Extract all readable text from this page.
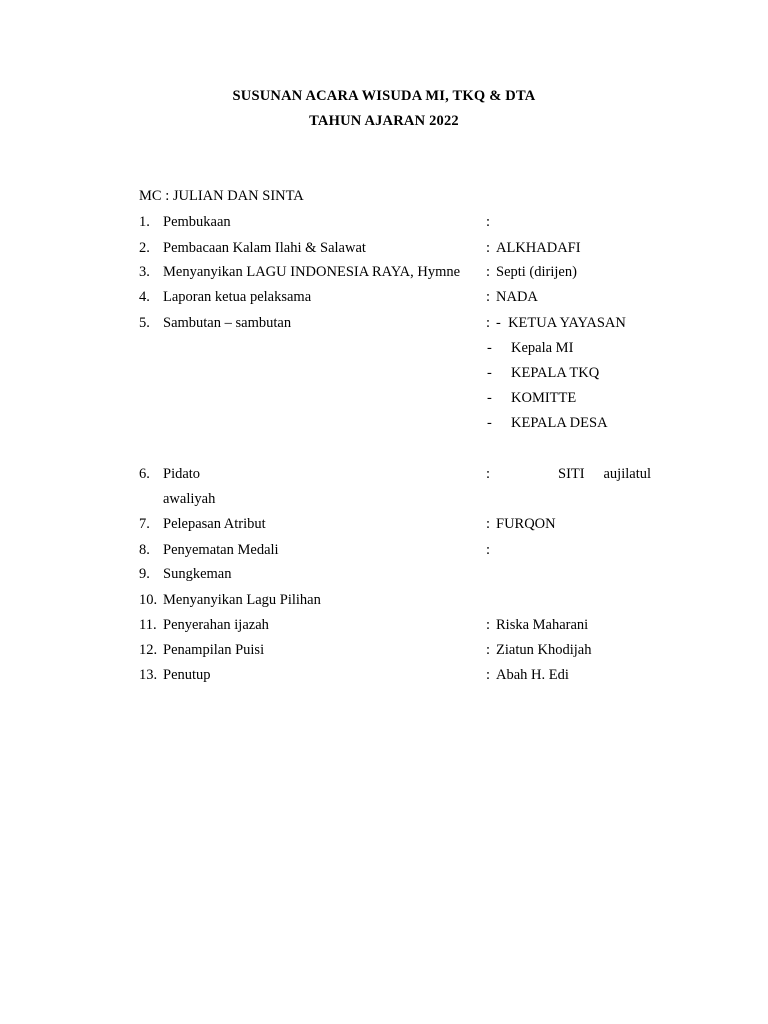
SUSUNAN ACARA WISUDA MI, TKQ & DTA
TAHUN AJARAN 2022
MC : JULIAN DAN SINTA
1. Pembukaan	:
2. Pembacaan Kalam Ilahi & Salawat	: ALKHADAFI
3. Menyanyikan LAGU INDONESIA RAYA, Hymne : Septi (dirijen)
4. Laporan ketua pelaksama	: NADA
5. Sambutan – sambutan	: -  KETUA YAYASAN
- Kepala MI
- KEPALA TKQ
- KOMITTE
- KEPALA DESA
6. Pidato	:	SITI aujilatul
awaliyah
7. Pelepasan Atribut	: FURQON
8. Penyematan Medali	:
9. Sungkeman
10. Menyanyikan Lagu Pilihan
11. Penyerahan ijazah	: Riska Maharani
12. Penampilan Puisi	: Ziatun Khodijah
13. Penutup	: Abah H. Edi
